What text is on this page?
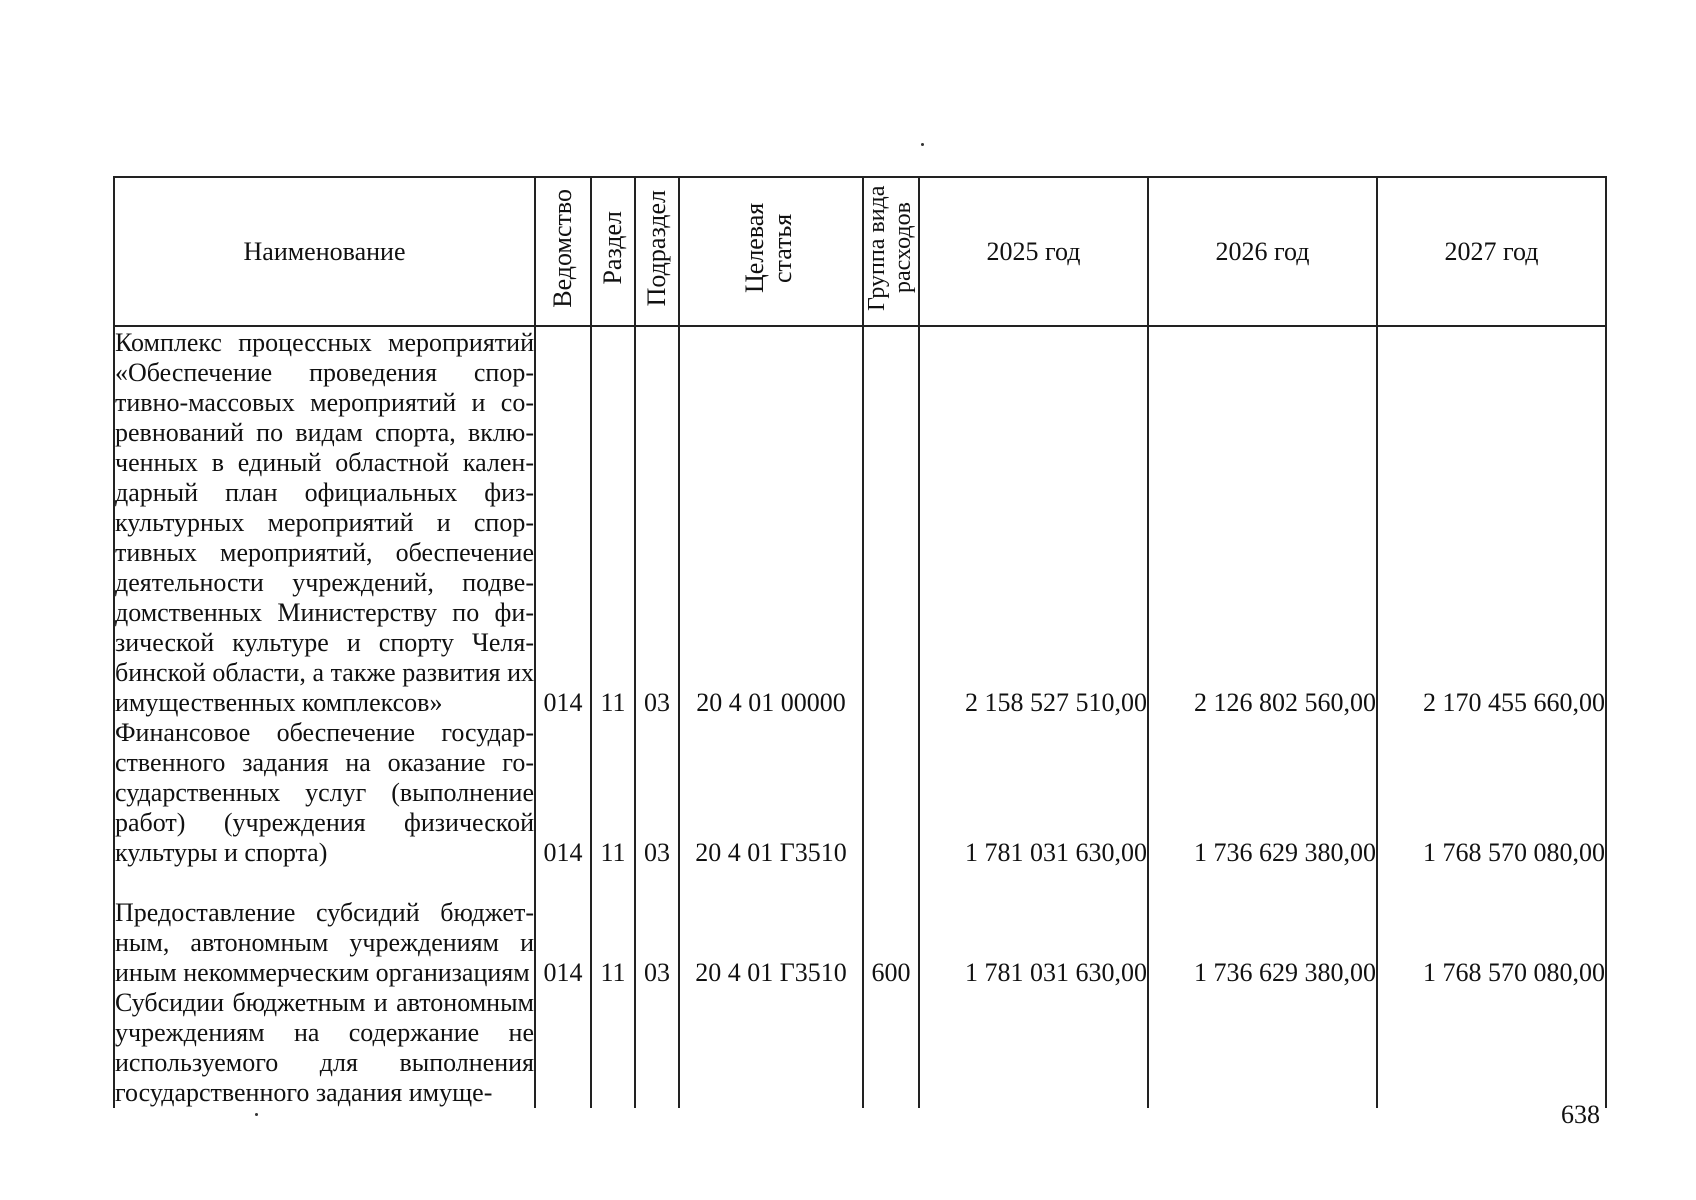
Наименование	Ведомство	Раздел	Подраздел	Целевая статья	Группа вида расходов	2025 год	2026 год	2027 год
Комплекс процессных мероприятий «Обеспечение проведения спортивно-массовых мероприятий и соревнований по видам спорта, включенных в единый областной календарный план официальных физкультурных мероприятий и спортивных мероприятий, обеспечение деятельности учреждений, подведомственных Министерству по физической культуре и спорту Челябинской области, а также развития их имущественных комплексов»	014	11	03	20 4 01 00000		2 158 527 510,00	2 126 802 560,00	2 170 455 660,00
Финансовое обеспечение государственного задания на оказание государственных услуг (выполнение работ) (учреждения физической культуры и спорта)	014	11	03	20 4 01 Г3510		1 781 031 630,00	1 736 629 380,00	1 768 570 080,00
Предоставление субсидий бюджетным, автономным учреждениям и иным некоммерческим организациям	014	11	03	20 4 01 Г3510	600	1 781 031 630,00	1 736 629 380,00	1 768 570 080,00
Субсидии бюджетным и автономным учреждениям на содержание не используемого для выполнения государственного задания имуще-								
638
